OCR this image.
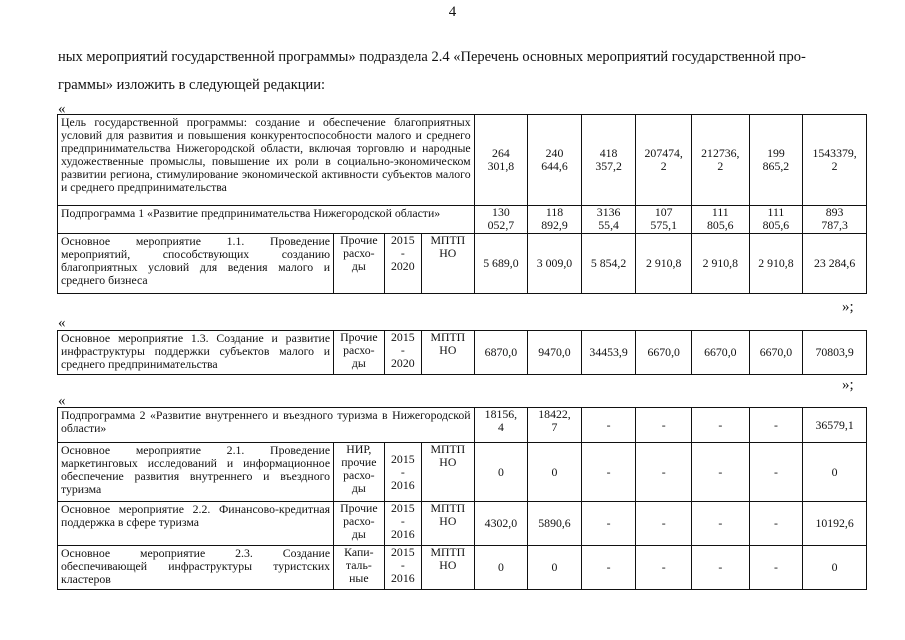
4
ных мероприятий государственной программы» подраздела 2.4 «Перечень основных мероприятий государственной про-
граммы» изложить в следующей редакции:
«
Цель государственной программы: создание и обеспечение благоприятных условий для развития и повышения конкурентоспособности малого и среднего предпринимательства Нижегородской области, включая торговлю и народные художественные промыслы, повышение их роли в социально-экономическом развитии региона, стимулирование экономической активности субъектов малого и среднего предпринимательства				264
301,8	240
644,6	418
357,2	207474,
2	212736,
2	199
865,2	1543379,
2
Подпрограмма 1 «Развитие предпринимательства Нижегородской области»				130
052,7	118
892,9	3136
55,4	107
575,1	111
805,6	111
805,6	893
787,3
Основное мероприятие 1.1. Проведение мероприятий, способствующих созданию благоприятных условий для ведения малого и среднего бизнеса	Прочие
расхо-
ды	2015
-
2020	МПТП
НО	5 689,0	3 009,0	5 854,2	2 910,8	2 910,8	2 910,8	23 284,6
»;
«
Основное мероприятие 1.3. Создание и развитие инфраструктуры поддержки субъектов малого и среднего предпринимательства	Прочие
расхо-
ды	2015
-
2020	МПТП
НО	6870,0	9470,0	34453,9	6670,0	6670,0	6670,0	70803,9
»;
«
Подпрограмма 2 «Развитие внутреннего и въездного туризма в Нижегородской области»				18156,
4	18422,
7	-	-	-	-	36579,1
Основное мероприятие 2.1. Проведение маркетинговых исследований и информационное обеспечение развития внутреннего и въездного туризма	НИР,
прочие
расхо-
ды	2015
-
2016	МПТП
НО	0	0	-	-	-	-	0
Основное мероприятие 2.2. Финансово-кредитная поддержка в сфере туризма	Прочие
расхо-
ды	2015
-
2016	МПТП
НО	4302,0	5890,6	-	-	-	-	10192,6
Основное мероприятие 2.3. Создание обеспечивающей инфраструктуры туристских кластеров	Капи-
таль-
ные	2015
-
2016	МПТП
НО	0	0	-	-	-	-	0
